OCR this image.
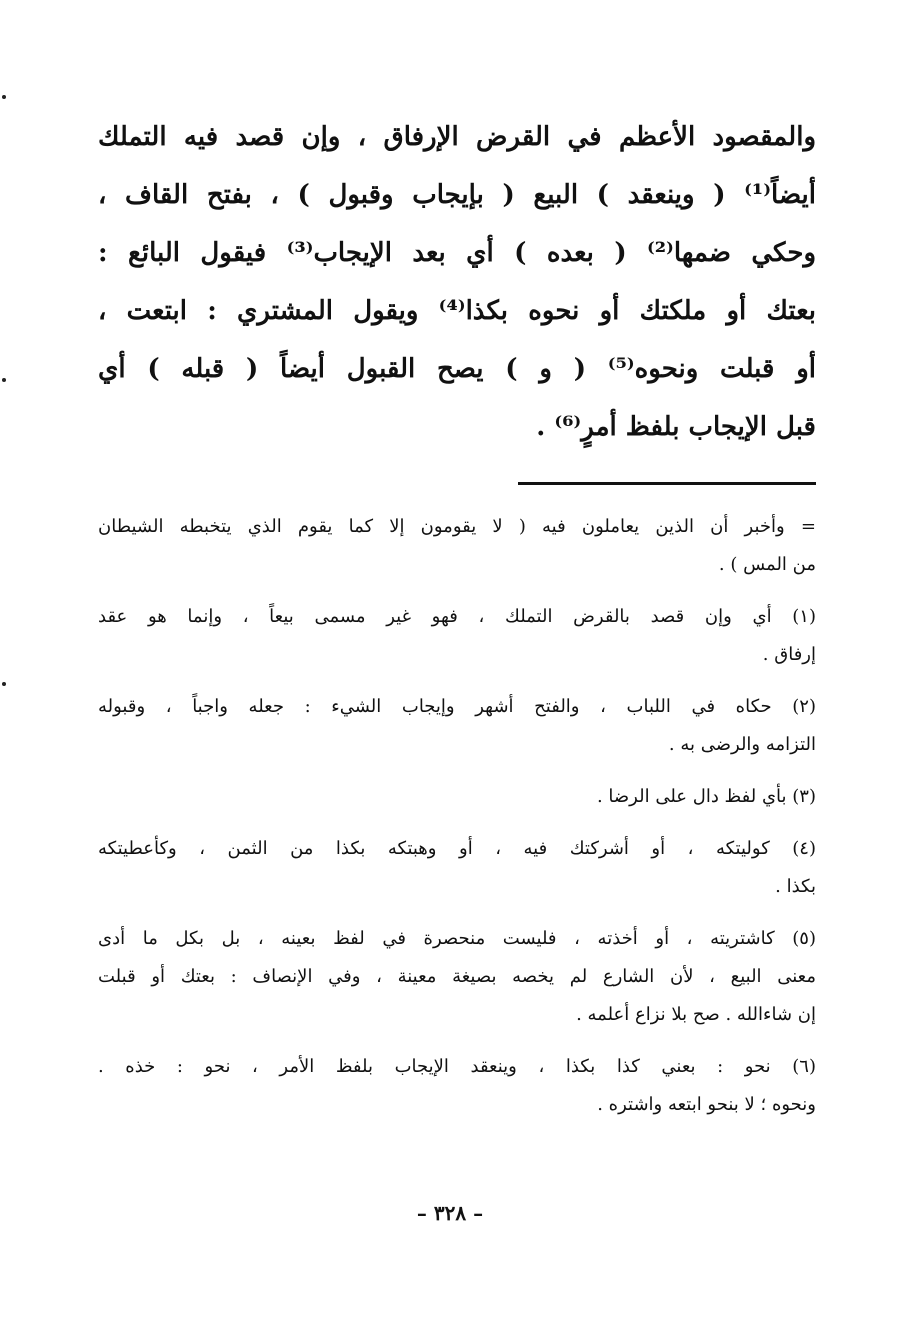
والمقصود الأعظم في القرض الإرفاق ، وإن قصد فيه التملك
أيضاً⁽¹⁾ ( وينعقد ) البيع ( بإيجاب وقبول ) ، بفتح القاف ،
وحكي ضمها⁽²⁾ ( بعده ) أي بعد الإيجاب⁽³⁾ فيقول البائع :
بعتك أو ملكتك أو نحوه بكذا⁽⁴⁾ ويقول المشتري : ابتعت ،
أو قبلت ونحوه⁽⁵⁾ ( و ) يصح القبول أيضاً ( قبله ) أي
قبل الإيجاب بلفظ أمرٍ⁽⁶⁾ .
= وأخبر أن الذين يعاملون فيه ( لا يقومون إلا كما يقوم الذي يتخبطه الشيطان
من المس ) .
(١) أي وإن قصد بالقرض التملك ، فهو غير مسمى بيعاً ، وإنما هو عقد
إرفاق .
(٢) حكاه في اللباب ، والفتح أشهر وإيجاب الشيء : جعله واجباً ، وقبوله
التزامه والرضى به .
(٣) بأي لفظ دال على الرضا .
(٤) كوليتكه ، أو أشركتك فيه ، أو وهبتكه بكذا من الثمن ، وكأعطيتكه
بكذا .
(٥) كاشتريته ، أو أخذته ، فليست منحصرة في لفظ بعينه ، بل بكل ما أدى
معنى البيع ، لأن الشارع لم يخصه بصيغة معينة ، وفي الإنصاف : بعتك أو قبلت
إن شاءالله . صح بلا نزاع أعلمه .
(٦) نحو : بعني كذا بكذا ، وينعقد الإيجاب بلفظ الأمر ، نحو : خذه .
ونحوه ؛ لا بنحو ابتعه واشتره .
– ٣٢٨ –
